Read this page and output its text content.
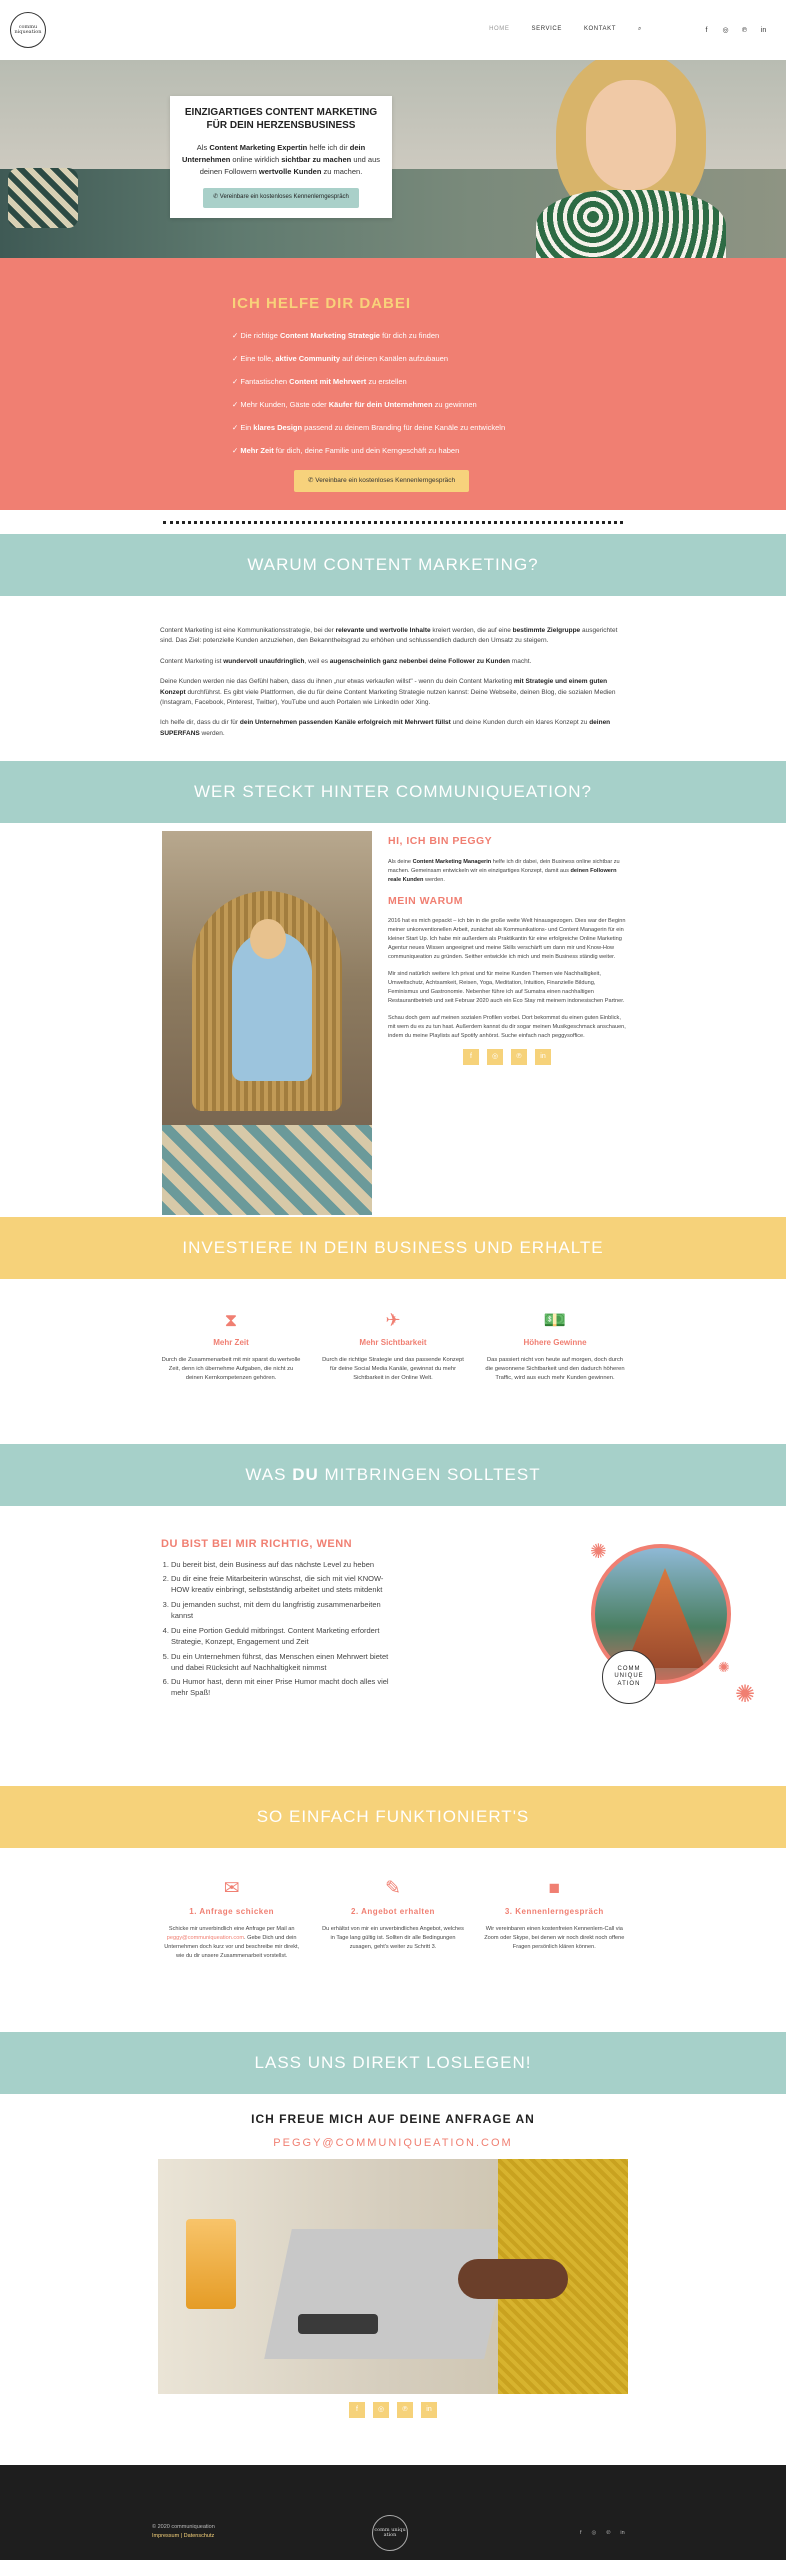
commu niqueation	HOME	SERVICE	KONTAKT	⌕	f	◎ ℗ in
EINZIGARTIGES CONTENT MARKETING FÜR DEIN HERZENSBUSINESS

Als Content Marketing Expertin helfe ich dir dein Unternehmen online wirklich sichtbar zu machen und aus deinen Followern wertvolle Kunden zu machen.

✆ Vereinbare ein kostenloses Kennenlerngespräch
ICH HELFE DIR DABEI
✓ Die richtige Content Marketing Strategie für dich zu finden
✓ Eine tolle, aktive Community auf deinen Kanälen aufzubauen
✓ Fantastischen Content mit Mehrwert zu erstellen
✓ Mehr Kunden, Gäste oder Käufer für dein Unternehmen zu gewinnen
✓ Ein klares Design passend zu deinem Branding für deine Kanäle zu entwickeln
✓ Mehr Zeit für dich, deine Familie und dein Kerngeschäft zu haben
✆ Vereinbare ein kostenloses Kennenlerngespräch
WARUM CONTENT MARKETING?

Content Marketing ist eine Kommunikationsstrategie, bei der relevante und wertvolle Inhalte kreiert werden, die auf eine bestimmte Zielgruppe ausgerichtet sind. Das Ziel: potenzielle Kunden anzuziehen, den Bekanntheitsgrad zu erhöhen und schlussendlich dadurch den Umsatz zu steigern.

Content Marketing ist wundervoll unaufdringlich, weil es augenscheinlich ganz nebenbei deine Follower zu Kunden macht.

Deine Kunden werden nie das Gefühl haben, dass du ihnen „nur etwas verkaufen willst" - wenn du dein Content Marketing mit Strategie und einem guten Konzept durchführst. Es gibt viele Plattformen, die du für deine Content Marketing Strategie nutzen kannst: Deine Webseite, deinen Blog, die sozialen Medien (Instagram, Facebook, Pinterest, Twitter), YouTube und auch Portalen wie LinkedIn oder Xing.

Ich helfe dir, dass du dir für dein Unternehmen passenden Kanäle erfolgreich mit Mehrwert füllst und deine Kunden durch ein klares Konzept zu deinen SUPERFANS werden.

WER STECKT HINTER COMMUNIQUEATION?
HI, ICH BIN PEGGY

Als deine Content Marketing Managerin helfe ich dir dabei, dein Business online sichtbar zu machen. Gemeinsam entwickeln wir ein einzigartiges Konzept, damit aus deinen Followern reale Kunden werden.

MEIN WARUM

2016 hat es mich gepackt – ich bin in die große weite Welt hinausgezogen. Dies war der Beginn meiner unkonventionellen Arbeit, zunächst als Kommunikations- und Content Managerin für ein kleiner Start Up. Ich habe mir außerdem als Praktikantin für eine erfolgreiche Online Marketing Agentur neues Wissen angeeignet und meine Skills verschärft um dann mir und Know-How communiqueation zu gründen. Seither entwickle ich mich und mein Business ständig weiter.

Mir sind natürlich weitere Ich privat und für meine Kunden Themen wie Nachhaltigkeit, Umweltschutz, Achtsamkeit, Reisen, Yoga, Meditation, Intuition, Finanzielle Bildung, Feminismus und Gastronomie. Nebenher führe ich auf Sumatra einen nachhaltigen Restaurantbetrieb und seit Februar 2020 auch ein Eco Stay mit meinem indonesischen Partner.

Schau doch gern auf meinen sozialen Profilen vorbei. Dort bekommst du einen guten Einblick, mit wem du es zu tun hast. Außerdem kannst du dir sogar meinen Musikgeschmack anschauen, indem du meine Playlists auf Spotify anhörst. Suche einfach nach peggysoffice.

f	◎	℗	in
INVESTIERE IN DEIN BUSINESS UND ERHALTE
⧗
Mehr Zeit

Durch die Zusammenarbeit mit mir sparst du wertvolle Zeit, denn ich übernehme Aufgaben, die nicht zu deinen Kernkompetenzen gehören.

✈
Mehr Sichtbarkeit

Durch die richtige Strategie und das passende Konzept für deine Social Media Kanäle, gewinnst du mehr Sichtbarkeit in der Online Welt.

💵
Höhere Gewinne

Das passiert nicht von heute auf morgen, doch durch die gewonnene Sichtbarkeit und den dadurch höheren Traffic, wird aus euch mehr Kunden gewinnen.

WAS DU MITBRINGEN SOLLTEST
DU BIST BEI MIR RICHTIG, WENN
1. Du bereit bist, dein Business auf das nächste Level zu heben
2. Du dir eine freie Mitarbeiterin wünschst, die sich mit viel KNOW-HOW kreativ einbringt, selbstständig arbeitet und stets mitdenkt
3. Du jemanden suchst, mit dem du langfristig zusammenarbeiten kannst
4. Du eine Portion Geduld mitbringst. Content Marketing erfordert Strategie, Konzept, Engagement und Zeit
5. Du ein Unternehmen führst, das Menschen einen Mehrwert bietet und dabei Rücksicht auf Nachhaltigkeit nimmst
6. Du Humor hast, denn mit einer Prise Humor macht doch alles viel mehr Spaß!
✺
✺
✺
COMM UNIQUE ATION
SO EINFACH FUNKTIONIERT'S
✉
1. Anfrage schicken

Schicke mir unverbindlich eine Anfrage per Mail an peggy@communiqueation.com. Gebe Dich und dein Unternehmen doch kurz vor und beschreibe mir direkt, wie du dir unsere Zusammenarbeit vorstellst.

✎
2. Angebot erhalten

Du erhältst von mir ein unverbindliches Angebot, welches in Tage lang gültig ist. Sollten dir alle Bedingungen zusagen, geht's weiter zu Schritt 3.

■
3. Kennenlerngespräch

Wir vereinbaren einen kostenfreien Kennenlern-Call via Zoom oder Skype, bei denen wir noch direkt noch offene Fragen persönlich klären können.

LASS UNS DIREKT LOSLEGEN!
ICH FREUE MICH AUF DEINE ANFRAGE AN
PEGGY@COMMUNIQUEATION.COM
f	◎	℗	in
© 2020 communiqueation
Impressum | Datenschutz
comm uniqu ation	f ◎ ℗ in
